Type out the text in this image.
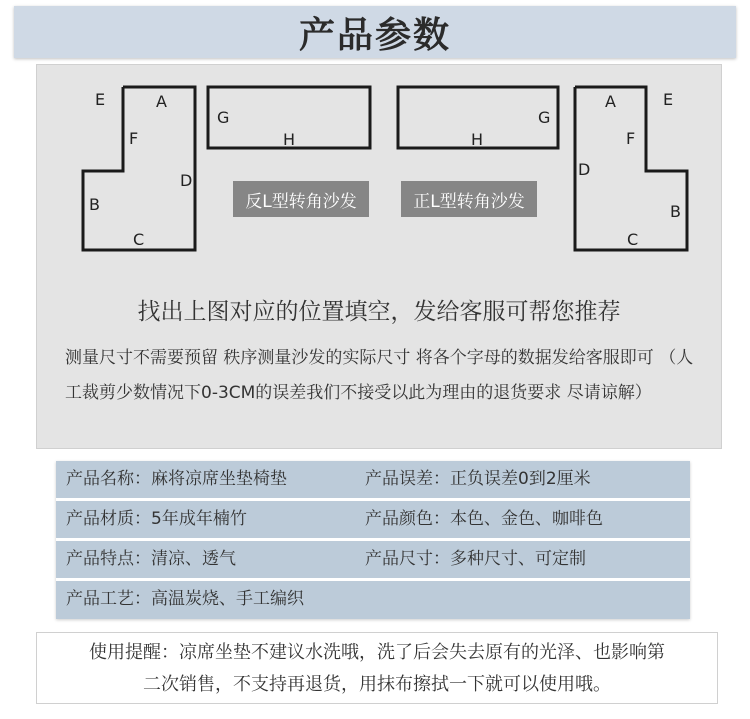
产品参数
E	A
F
D
B
C
G
H
G
H
A	E
F
D
B
C
反L型转角沙发	正L型转角沙发
找出上图对应的位置填空，发给客服可帮您推荐
测量尺寸不需要预留 秩序测量沙发的实际尺寸 将各个字母的数据发给客服即可 （人工裁剪少数情况下0-3CM的误差我们不接受以此为理由的退货要求 尽请谅解）
产品名称：麻将凉席坐垫椅垫	产品误差：正负误差0到2厘米
产品材质：5年成年楠竹	产品颜色：本色、金色、咖啡色
产品特点：清凉、透气	产品尺寸：多种尺寸、可定制
产品工艺：高温炭烧、手工编织
使用提醒：凉席坐垫不建议水洗哦，洗了后会失去原有的光泽、也影响第
二次销售，不支持再退货，用抹布擦拭一下就可以使用哦。
